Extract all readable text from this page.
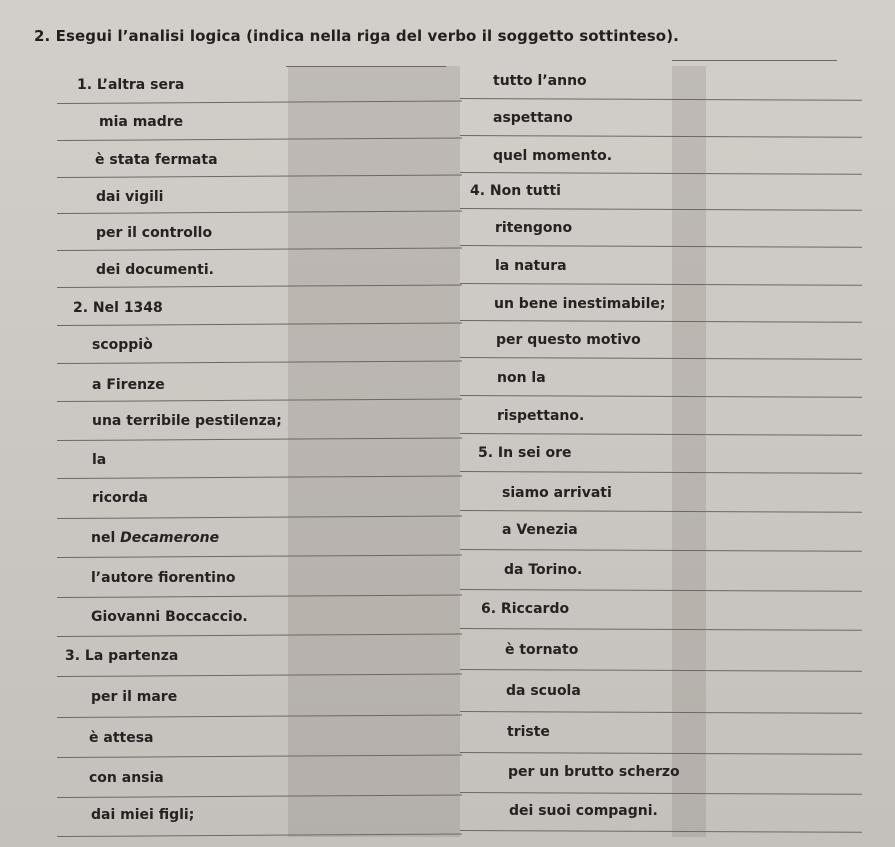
2. Esegui l’analisi logica (indica nella riga del verbo il soggetto sottinteso).
1. L’altra sera
mia madre
è stata fermata
dai vigili
per il controllo
dei documenti.
2. Nel 1348
scoppiò
a Firenze
una terribile pestilenza;
la
ricorda
nel Decamerone
l’autore fiorentino
Giovanni Boccaccio.
3. La partenza
per il mare
è attesa
con ansia
dai miei figli;
tutto l’anno
aspettano
quel momento.
4. Non tutti
ritengono
la natura
un bene inestimabile;
per questo motivo
non la
rispettano.
5. In sei ore
siamo arrivati
a Venezia
da Torino.
6. Riccardo
è tornato
da scuola
triste
per un brutto scherzo
dei suoi compagni.
